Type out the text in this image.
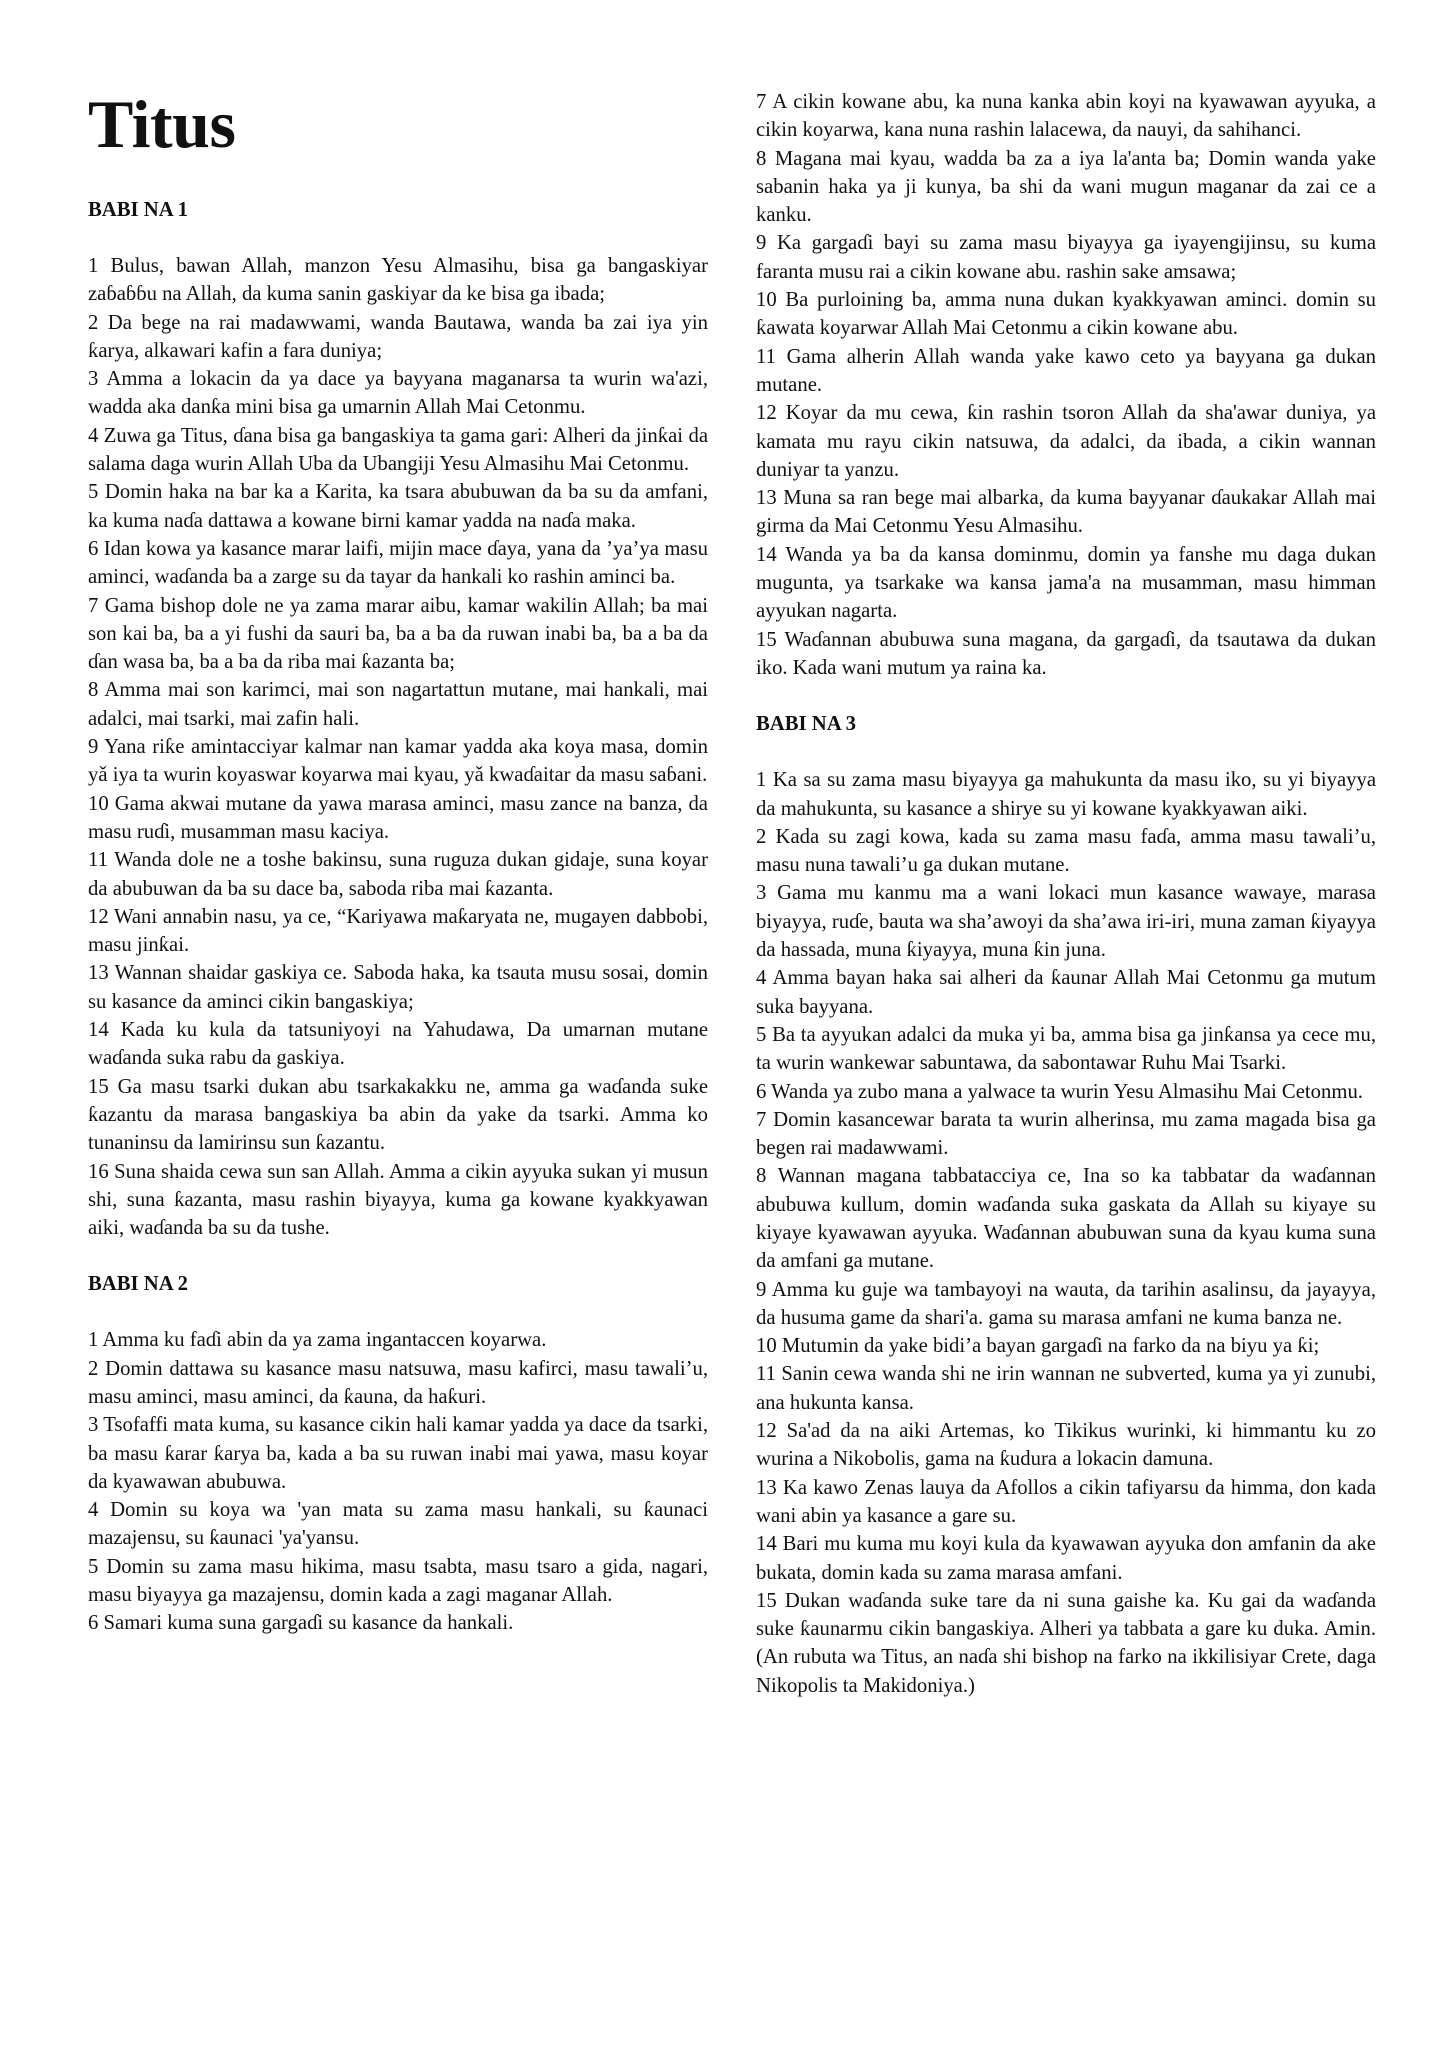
Titus
BABI NA 1
1 Bulus, bawan Allah, manzon Yesu Almasihu, bisa ga bangaskiyar zaɓaɓɓu na Allah, da kuma sanin gaskiyar da ke bisa ga ibada;
2 Da bege na rai madawwami, wanda Bautawa, wanda ba zai iya yin ƙarya, alkawari kafin a fara duniya;
3 Amma a lokacin da ya dace ya bayyana maganarsa ta wurin wa'azi, wadda aka danƙa mini bisa ga umarnin Allah Mai Cetonmu.
4 Zuwa ga Titus, ɗana bisa ga bangaskiya ta gama gari: Alheri da jinƙai da salama daga wurin Allah Uba da Ubangiji Yesu Almasihu Mai Cetonmu.
5 Domin haka na bar ka a Karita, ka tsara abubuwan da ba su da amfani, ka kuma naɗa dattawa a kowane birni kamar yadda na naɗa maka.
6 Idan kowa ya kasance marar laifi, mijin mace ɗaya, yana da ’ya’ya masu aminci, waɗanda ba a zarge su da tayar da hankali ko rashin aminci ba.
7 Gama bishop dole ne ya zama marar aibu, kamar wakilin Allah; ba mai son kai ba, ba a yi fushi da sauri ba, ba a ba da ruwan inabi ba, ba a ba da ɗan wasa ba, ba a ba da riba mai ƙazanta ba;
8 Amma mai son karimci, mai son nagartattun mutane, mai hankali, mai adalci, mai tsarki, mai zafin hali.
9 Yana riƙe amintacciyar kalmar nan kamar yadda aka koya masa, domin yǎ iya ta wurin koyaswar koyarwa mai kyau, yǎ kwaɗaitar da masu saɓani.
10 Gama akwai mutane da yawa marasa aminci, masu zance na banza, da masu ruɗi, musamman masu kaciya.
11 Wanda dole ne a toshe bakinsu, suna ruguza dukan gidaje, suna koyar da abubuwan da ba su dace ba, saboda riba mai ƙazanta.
12 Wani annabin nasu, ya ce, “Kariyawa maƙaryata ne, mugayen dabbobi, masu jinƙai.
13 Wannan shaidar gaskiya ce. Saboda haka, ka tsauta musu sosai, domin su kasance da aminci cikin bangaskiya;
14 Kada ku kula da tatsuniyoyi na Yahudawa, Da umarnan mutane waɗanda suka rabu da gaskiya.
15 Ga masu tsarki dukan abu tsarkakakku ne, amma ga waɗanda suke ƙazantu da marasa bangaskiya ba abin da yake da tsarki. Amma ko tunaninsu da lamirinsu sun ƙazantu.
16 Suna shaida cewa sun san Allah. Amma a cikin ayyuka sukan yi musun shi, suna ƙazanta, masu rashin biyayya, kuma ga kowane kyakkyawan aiki, waɗanda ba su da tushe.
BABI NA 2
1 Amma ku faɗi abin da ya zama ingantaccen koyarwa.
2 Domin dattawa su kasance masu natsuwa, masu kafirci, masu tawali’u, masu aminci, masu aminci, da ƙauna, da haƙuri.
3 Tsofaffi mata kuma, su kasance cikin hali kamar yadda ya dace da tsarki, ba masu ƙarar ƙarya ba, kada a ba su ruwan inabi mai yawa, masu koyar da kyawawan abubuwa.
4 Domin su koya wa 'yan mata su zama masu hankali, su ƙaunaci mazajensu, su ƙaunaci 'ya'yansu.
5 Domin su zama masu hikima, masu tsabta, masu tsaro a gida, nagari, masu biyayya ga mazajensu, domin kada a zagi maganar Allah.
6 Samari kuma suna gargaɗi su kasance da hankali.
7 A cikin kowane abu, ka nuna kanka abin koyi na kyawawan ayyuka, a cikin koyarwa, kana nuna rashin lalacewa, da nauyi, da sahihanci.
8 Magana mai kyau, wadda ba za a iya la'anta ba; Domin wanda yake sabanin haka ya ji kunya, ba shi da wani mugun maganar da zai ce a kanku.
9 Ka gargaɗi bayi su zama masu biyayya ga iyayengijinsu, su kuma faranta musu rai a cikin kowane abu. rashin sake amsawa;
10 Ba purloining ba, amma nuna dukan kyakkyawan aminci. domin su ƙawata koyarwar Allah Mai Cetonmu a cikin kowane abu.
11 Gama alherin Allah wanda yake kawo ceto ya bayyana ga dukan mutane.
12 Koyar da mu cewa, ƙin rashin tsoron Allah da sha'awar duniya, ya kamata mu rayu cikin natsuwa, da adalci, da ibada, a cikin wannan duniyar ta yanzu.
13 Muna sa ran bege mai albarka, da kuma bayyanar ɗaukakar Allah mai girma da Mai Cetonmu Yesu Almasihu.
14 Wanda ya ba da kansa dominmu, domin ya fanshe mu daga dukan mugunta, ya tsarkake wa kansa jama'a na musamman, masu himman ayyukan nagarta.
15 Waɗannan abubuwa suna magana, da gargaɗi, da tsautawa da dukan iko. Kada wani mutum ya raina ka.
BABI NA 3
1 Ka sa su zama masu biyayya ga mahukunta da masu iko, su yi biyayya da mahukunta, su kasance a shirye su yi kowane kyakkyawan aiki.
2 Kada su zagi kowa, kada su zama masu faɗa, amma masu tawali’u, masu nuna tawali’u ga dukan mutane.
3 Gama mu kanmu ma a wani lokaci mun kasance wawaye, marasa biyayya, ruɗe, bauta wa sha’awoyi da sha’awa iri-iri, muna zaman ƙiyayya da hassada, muna ƙiyayya, muna ƙin juna.
4 Amma bayan haka sai alheri da ƙaunar Allah Mai Cetonmu ga mutum suka bayyana.
5 Ba ta ayyukan adalci da muka yi ba, amma bisa ga jinƙansa ya cece mu, ta wurin wankewar sabuntawa, da sabontawar Ruhu Mai Tsarki.
6 Wanda ya zubo mana a yalwace ta wurin Yesu Almasihu Mai Cetonmu.
7 Domin kasancewar barata ta wurin alherinsa, mu zama magada bisa ga begen rai madawwami.
8 Wannan magana tabbatacciya ce, Ina so ka tabbatar da waɗannan abubuwa kullum, domin waɗanda suka gaskata da Allah su kiyaye su kiyaye kyawawan ayyuka. Waɗannan abubuwan suna da kyau kuma suna da amfani ga mutane.
9 Amma ku guje wa tambayoyi na wauta, da tarihin asalinsu, da jayayya, da husuma game da shari'a. gama su marasa amfani ne kuma banza ne.
10 Mutumin da yake bidi’a bayan gargaɗi na farko da na biyu ya ƙi;
11 Sanin cewa wanda shi ne irin wannan ne subverted, kuma ya yi zunubi, ana hukunta kansa.
12 Sa'ad da na aiki Artemas, ko Tikikus wurinki, ki himmantu ku zo wurina a Nikobolis, gama na ƙudura a lokacin damuna.
13 Ka kawo Zenas lauya da Afollos a cikin tafiyarsu da himma, don kada wani abin ya kasance a gare su.
14 Bari mu kuma mu koyi kula da kyawawan ayyuka don amfanin da ake bukata, domin kada su zama marasa amfani.
15 Dukan waɗanda suke tare da ni suna gaishe ka. Ku gai da waɗanda suke ƙaunarmu cikin bangaskiya. Alheri ya tabbata a gare ku duka. Amin. (An rubuta wa Titus, an naɗa shi bishop na farko na ikkilisiyar Crete, daga Nikopolis ta Makidoniya.)
